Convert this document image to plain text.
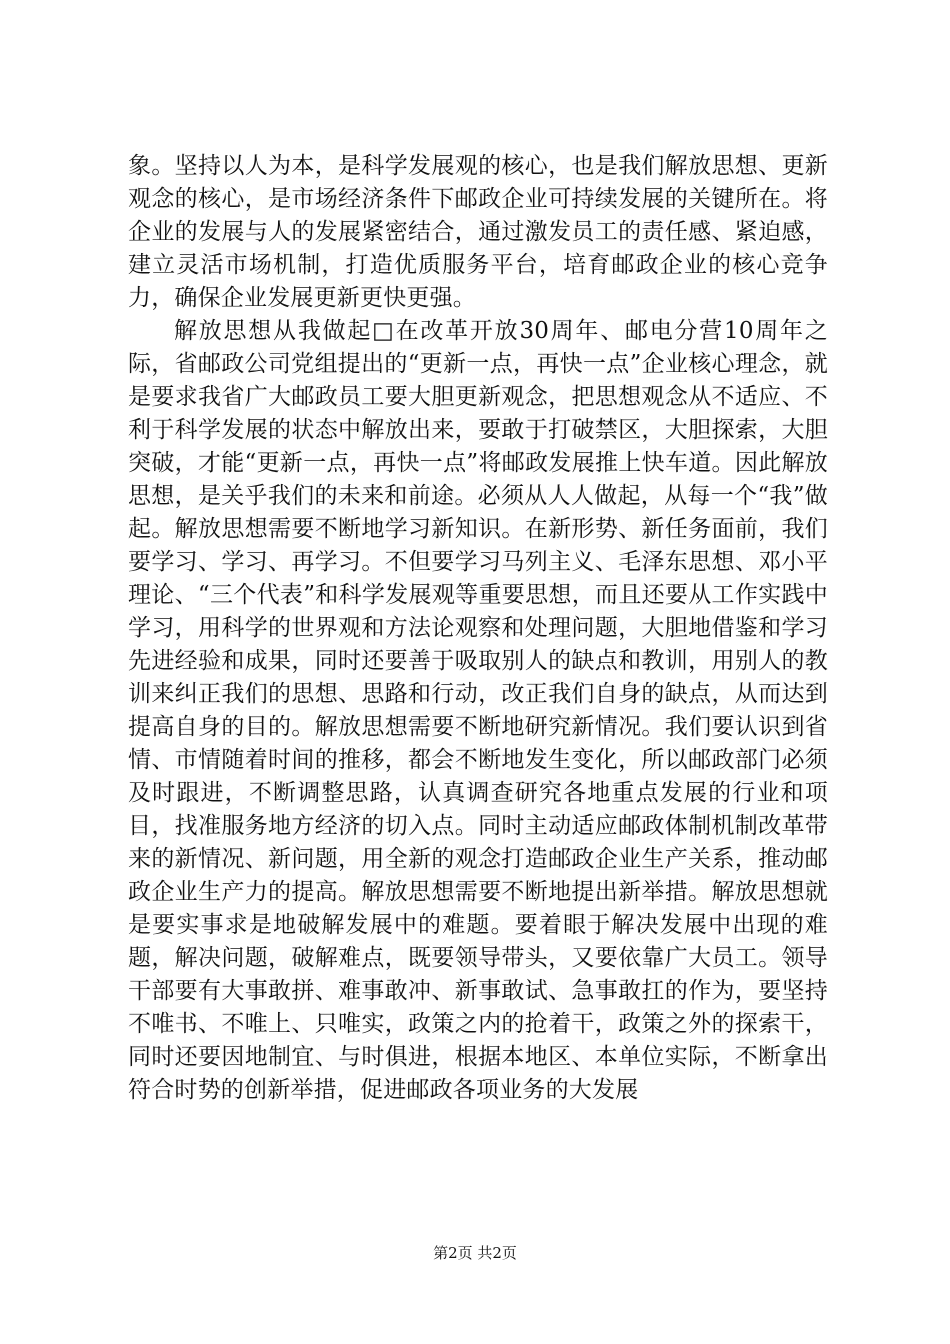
象。坚持以人为本，是科学发展观的核心，也是我们解放思想、更新观念的核心，是市场经济条件下邮政企业可持续发展的关键所在。将企业的发展与人的发展紧密结合，通过激发员工的责任感、紧迫感，建立灵活市场机制，打造优质服务平台，培育邮政企业的核心竞争力，确保企业发展更新更快更强。

解放思想从我做起□在改革开放30周年、邮电分营10周年之际，省邮政公司党组提出的“更新一点，再快一点”企业核心理念，就是要求我省广大邮政员工要大胆更新观念，把思想观念从不适应、不利于科学发展的状态中解放出来，要敢于打破禁区，大胆探索，大胆突破，才能“更新一点，再快一点”将邮政发展推上快车道。因此解放思想，是关乎我们的未来和前途。必须从人人做起，从每一个“我”做起。解放思想需要不断地学习新知识。在新形势、新任务面前，我们要学习、学习、再学习。不但要学习马列主义、毛泽东思想、邓小平理论、“三个代表”和科学发展观等重要思想，而且还要从工作实践中学习，用科学的世界观和方法论观察和处理问题，大胆地借鉴和学习先进经验和成果，同时还要善于吸取别人的缺点和教训，用别人的教训来纠正我们的思想、思路和行动，改正我们自身的缺点，从而达到提高自身的目的。解放思想需要不断地研究新情况。我们要认识到省情、市情随着时间的推移，都会不断地发生变化，所以邮政部门必须及时跟进，不断调整思路，认真调查研究各地重点发展的行业和项目，找准服务地方经济的切入点。同时主动适应邮政体制机制改革带来的新情况、新问题，用全新的观念打造邮政企业生产关系，推动邮政企业生产力的提高。解放思想需要不断地提出新举措。解放思想就是要实事求是地破解发展中的难题。要着眼于解决发展中出现的难题，解决问题，破解难点，既要领导带头，又要依靠广大员工。领导干部要有大事敢拼、难事敢冲、新事敢试、急事敢扛的作为，要坚持不唯书、不唯上、只唯实，政策之内的抢着干，政策之外的探索干，同时还要因地制宜、与时俱进，根据本地区、本单位实际，不断拿出符合时势的创新举措，促进邮政各项业务的大发展

第2页 共2页
